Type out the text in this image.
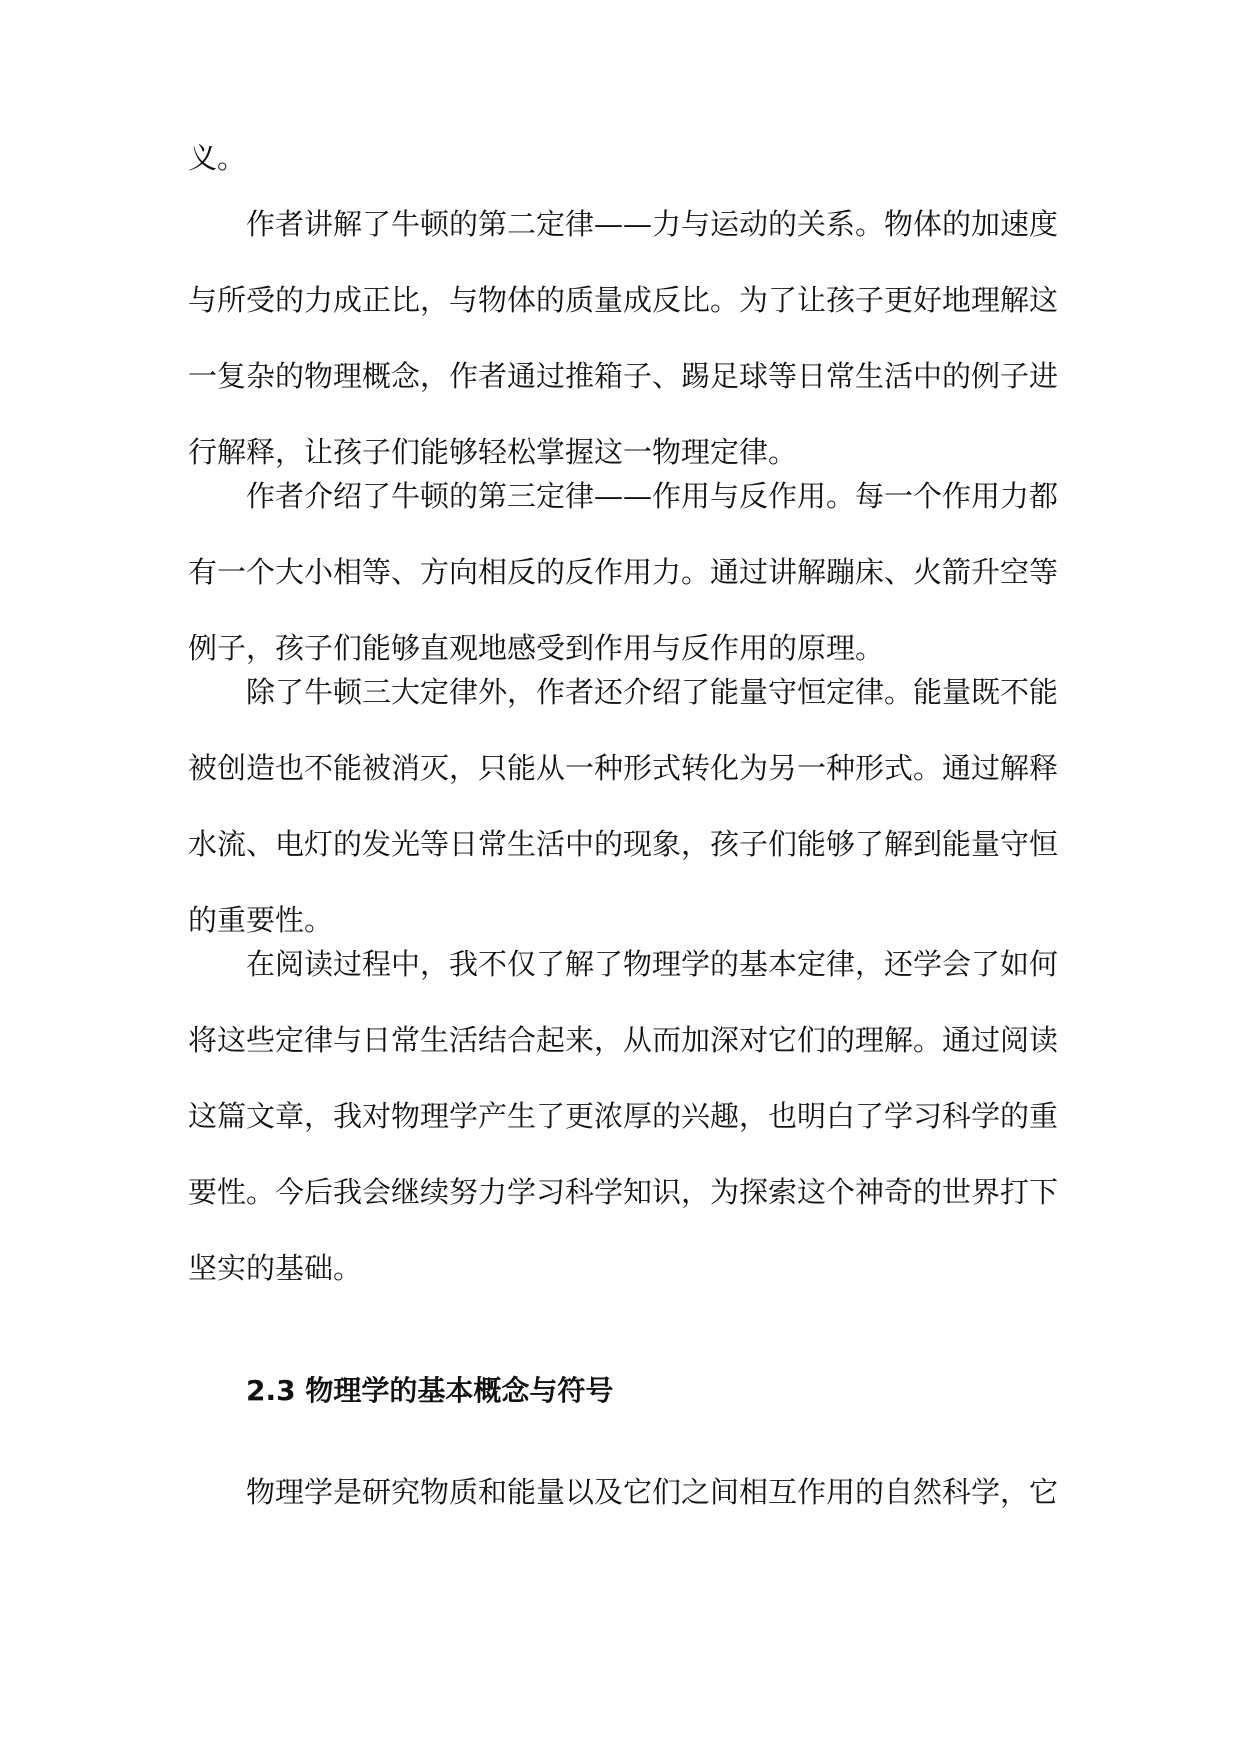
义。
作者讲解了牛顿的第二定律——力与运动的关系。物体的加速度
与所受的力成正比，与物体的质量成反比。为了让孩子更好地理解这
一复杂的物理概念，作者通过推箱子、踢足球等日常生活中的例子进
行解释，让孩子们能够轻松掌握这一物理定律。
作者介绍了牛顿的第三定律——作用与反作用。每一个作用力都
有一个大小相等、方向相反的反作用力。通过讲解蹦床、火箭升空等
例子，孩子们能够直观地感受到作用与反作用的原理。
除了牛顿三大定律外，作者还介绍了能量守恒定律。能量既不能
被创造也不能被消灭，只能从一种形式转化为另一种形式。通过解释
水流、电灯的发光等日常生活中的现象，孩子们能够了解到能量守恒
的重要性。
在阅读过程中，我不仅了解了物理学的基本定律，还学会了如何
将这些定律与日常生活结合起来，从而加深对它们的理解。通过阅读
这篇文章，我对物理学产生了更浓厚的兴趣，也明白了学习科学的重
要性。今后我会继续努力学习科学知识，为探索这个神奇的世界打下
坚实的基础。
2.3 物理学的基本概念与符号
物理学是研究物质和能量以及它们之间相互作用的自然科学，它
